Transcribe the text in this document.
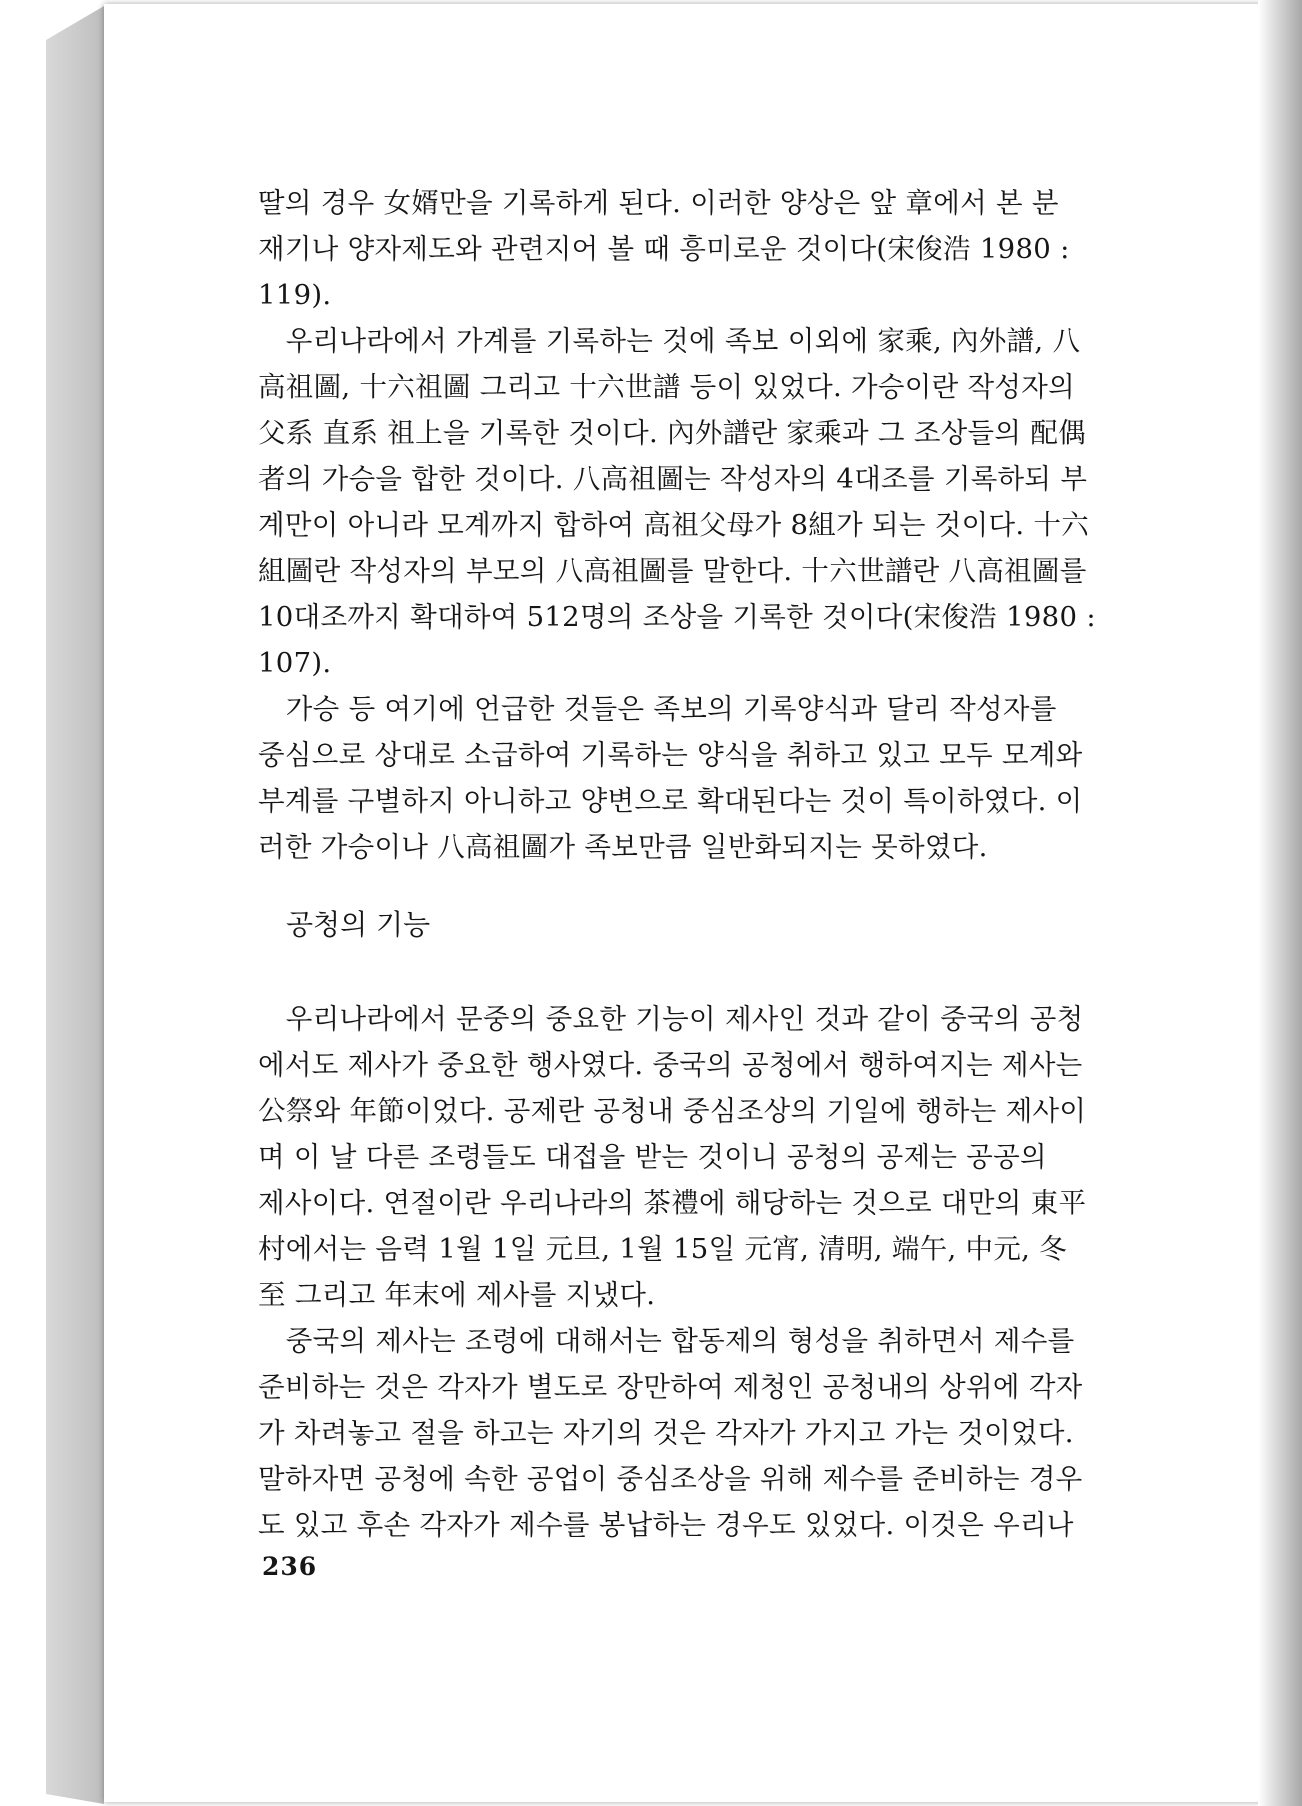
딸의 경우 女婿만을 기록하게 된다. 이러한 양상은 앞 章에서 본 분
재기나 양자제도와 관련지어 볼 때 흥미로운 것이다(宋俊浩 1980 :
119).
　우리나라에서 가계를 기록하는 것에 족보 이외에 家乘, 內外譜, 八
高祖圖, 十六祖圖 그리고 十六世譜 등이 있었다. 가승이란 작성자의
父系 直系 祖上을 기록한 것이다. 內外譜란 家乘과 그 조상들의 配偶
者의 가승을 합한 것이다. 八高祖圖는 작성자의 4대조를 기록하되 부
계만이 아니라 모계까지 합하여 高祖父母가 8組가 되는 것이다. 十六
組圖란 작성자의 부모의 八高祖圖를 말한다. 十六世譜란 八高祖圖를
10대조까지 확대하여 512명의 조상을 기록한 것이다(宋俊浩 1980 :
107).
　가승 등 여기에 언급한 것들은 족보의 기록양식과 달리 작성자를
중심으로 상대로 소급하여 기록하는 양식을 취하고 있고 모두 모계와
부계를 구별하지 아니하고 양변으로 확대된다는 것이 특이하였다. 이
러한 가승이나 八高祖圖가 족보만큼 일반화되지는 못하였다.
공청의 기능
　우리나라에서 문중의 중요한 기능이 제사인 것과 같이 중국의 공청
에서도 제사가 중요한 행사였다. 중국의 공청에서 행하여지는 제사는
公祭와 年節이었다. 공제란 공청내 중심조상의 기일에 행하는 제사이
며 이 날 다른 조령들도 대접을 받는 것이니 공청의 공제는 공공의
제사이다. 연절이란 우리나라의 茶禮에 해당하는 것으로 대만의 東平
村에서는 음력 1월 1일 元旦, 1월 15일 元宵, 清明, 端午, 中元, 冬
至 그리고 年末에 제사를 지냈다.
　중국의 제사는 조령에 대해서는 합동제의 형성을 취하면서 제수를
준비하는 것은 각자가 별도로 장만하여 제청인 공청내의 상위에 각자
가 차려놓고 절을 하고는 자기의 것은 각자가 가지고 가는 것이었다.
말하자면 공청에 속한 공업이 중심조상을 위해 제수를 준비하는 경우
도 있고 후손 각자가 제수를 봉납하는 경우도 있었다. 이것은 우리나
236
